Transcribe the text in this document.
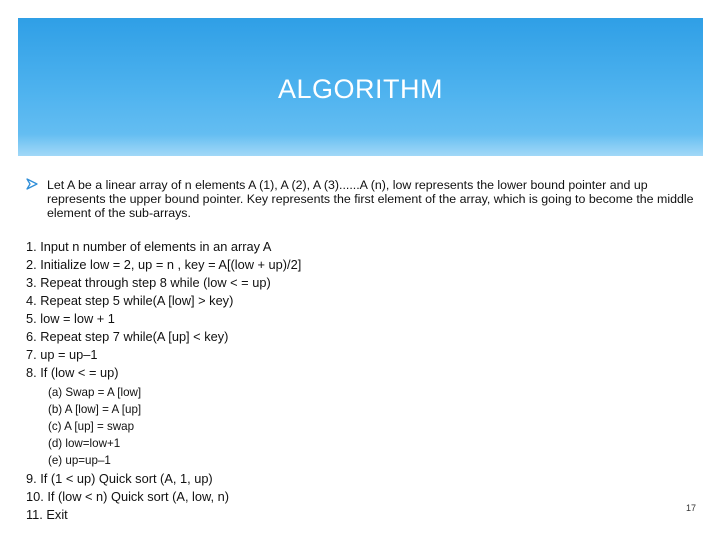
ALGORITHM
Let A be a linear array of n elements A (1), A (2), A (3)......A (n), low represents the lower bound pointer and up represents the upper bound pointer. Key represents the first element of the array, which is going to become the middle element of the sub-arrays.
1. Input n number of elements in an array A
2. Initialize low = 2, up = n , key = A[(low + up)/2]
3. Repeat through step 8 while (low < = up)
4. Repeat step 5 while(A [low] > key)
5. low = low + 1
6. Repeat step 7 while(A [up] < key)
7. up = up–1
8. If (low < = up)
(a) Swap = A [low]
(b) A [low] = A [up]
(c) A [up] = swap
(d) low=low+1
(e) up=up–1
9. If (1 < up) Quick sort (A, 1, up)
10. If (low < n) Quick sort (A, low, n)
11. Exit	17
